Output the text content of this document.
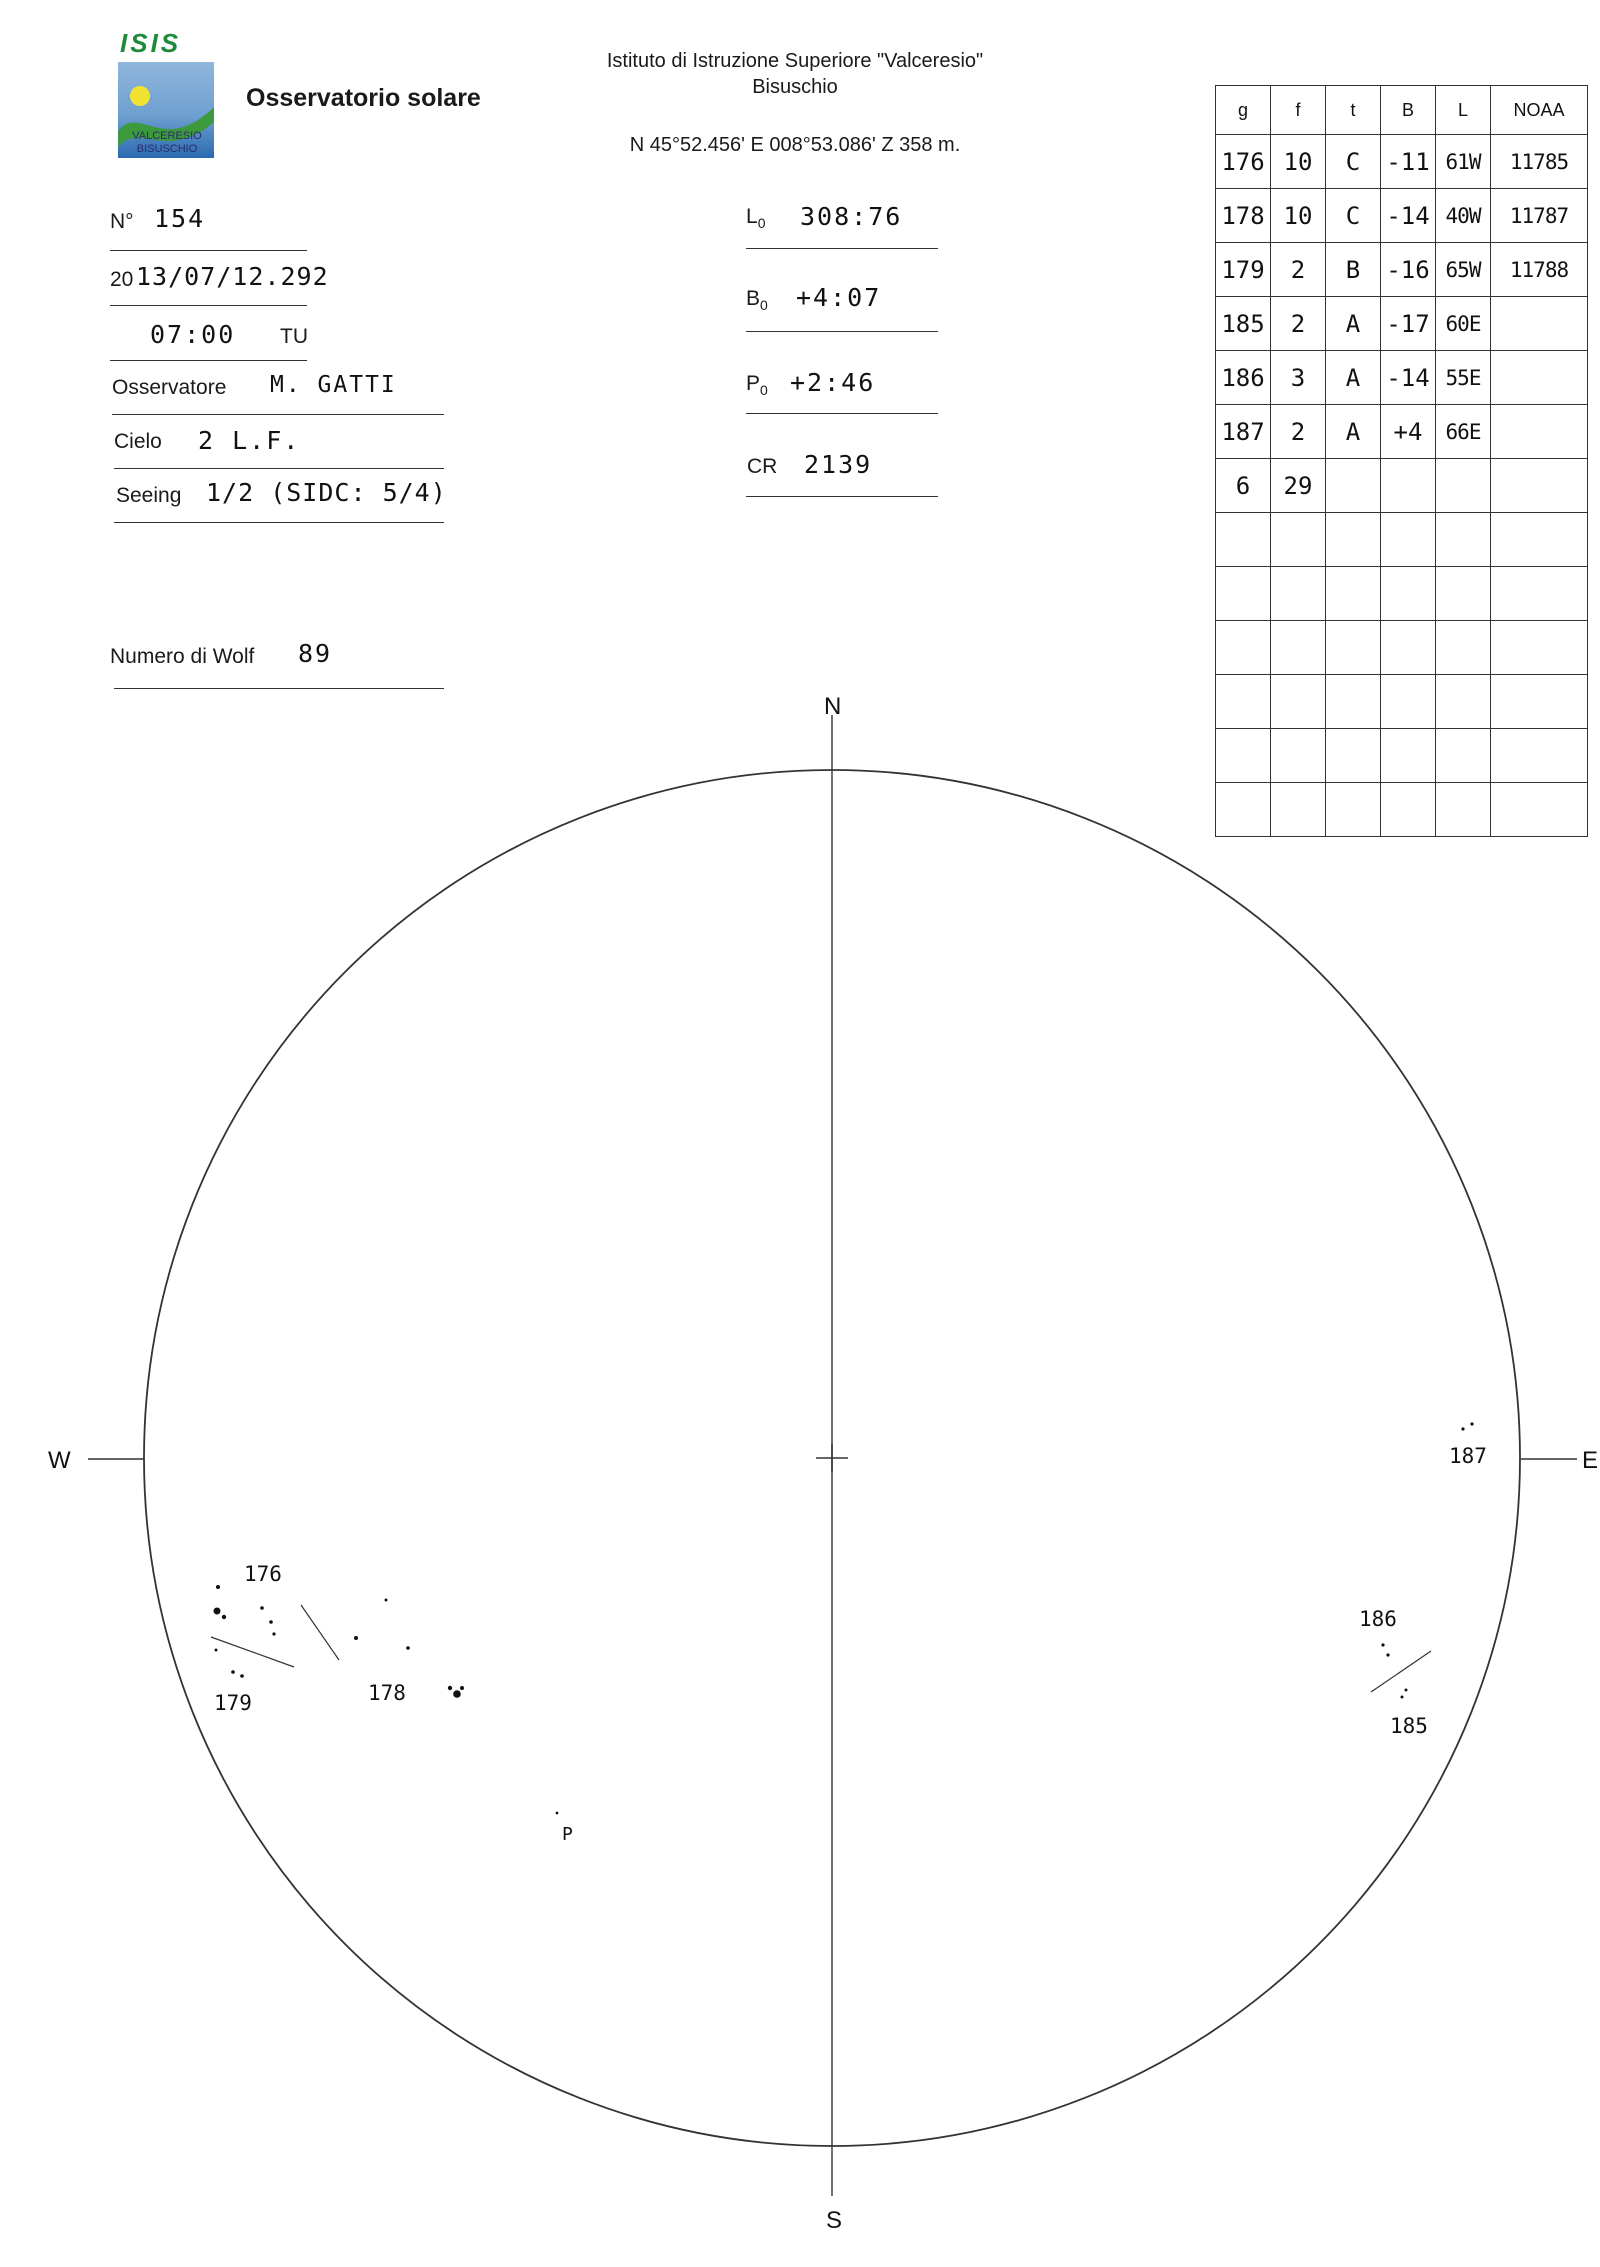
ISIS
VALCERESIO
BISUSCHIO
Osservatorio solare
Istituto di Istruzione Superiore "Valceresio"
Bisuschio
N 45°52.456' E 008°53.086' Z 358 m.
N° 154
20 13/07/12.292
07:00 TU
Osservatore M. GATTI
Cielo 2 L.F.
Seeing 1/2 (SIDC: 5/4)
Numero di Wolf 89
$L_0$ 308:76
$B_0$ +4:07
$P_0$ +2:46
CR 2139
g	f	t	B	L	NOAA
176	10	C	-11	61W	11785
178	10	C	-14	40W	11787
179	2	B	-16	65W	11788
185	2	A	-17	60E	
186	3	A	-14	55E	
187	2	A	+4	66E	
6	29				

N
S
W	E
176
179	178
187
186
185
P
